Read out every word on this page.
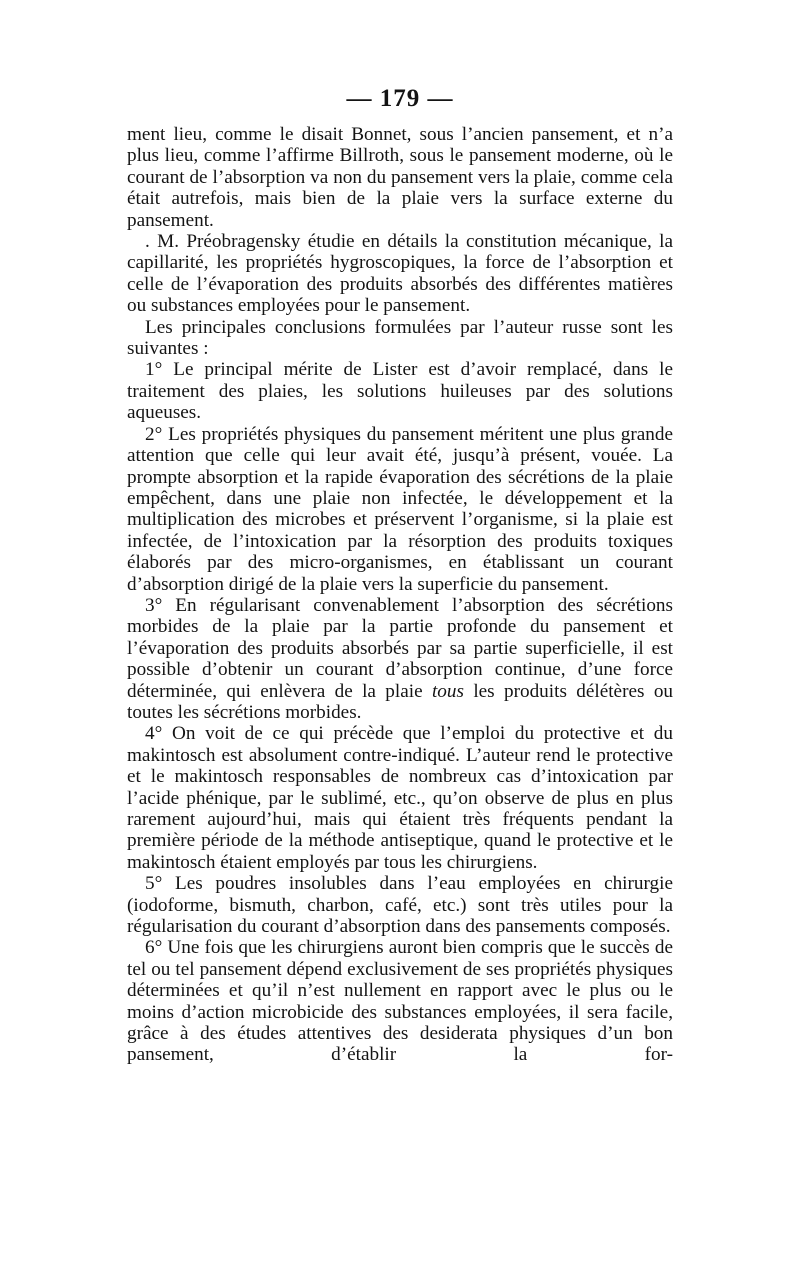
— 179 —

ment lieu, comme le disait Bonnet, sous l’ancien pansement, et n’a plus lieu, comme l’affirme Billroth, sous le pansement moderne, où le courant de l’absorption va non du pansement vers la plaie, comme cela était autrefois, mais bien de la plaie vers la surface externe du pansement.

. M. Préobragensky étudie en détails la constitution mécanique, la capillarité, les propriétés hygroscopiques, la force de l’absorption et celle de l’évaporation des produits absorbés des différentes matières ou substances employées pour le pansement.

Les principales conclusions formulées par l’auteur russe sont les suivantes :

1° Le principal mérite de Lister est d’avoir remplacé, dans le traitement des plaies, les solutions huileuses par des solutions aqueuses.

2° Les propriétés physiques du pansement méritent une plus grande attention que celle qui leur avait été, jusqu’à présent, vouée. La prompte absorption et la rapide évaporation des sécrétions de la plaie empêchent, dans une plaie non infectée, le développement et la multiplication des microbes et préservent l’organisme, si la plaie est infectée, de l’intoxication par la résorption des produits toxiques élaborés par des micro-organismes, en établissant un courant d’absorption dirigé de la plaie vers la superficie du pansement.

3° En régularisant convenablement l’absorption des sécrétions morbides de la plaie par la partie profonde du pansement et l’évaporation des produits absorbés par sa partie superficielle, il est possible d’obtenir un courant d’absorption continue, d’une force déterminée, qui enlèvera de la plaie tous les produits délétères ou toutes les sécrétions morbides.

4° On voit de ce qui précède que l’emploi du protective et du makintosch est absolument contre-indiqué. L’auteur rend le protective et le makintosch responsables de nombreux cas d’intoxication par l’acide phénique, par le sublimé, etc., qu’on observe de plus en plus rarement aujourd’hui, mais qui étaient très fréquents pendant la première période de la méthode antiseptique, quand le protective et le makintosch étaient employés par tous les chirurgiens.

5° Les poudres insolubles dans l’eau employées en chirurgie (iodoforme, bismuth, charbon, café, etc.) sont très utiles pour la régularisation du courant d’absorption dans des pansements composés.

6° Une fois que les chirurgiens auront bien compris que le succès de tel ou tel pansement dépend exclusivement de ses propriétés physiques déterminées et qu’il n’est nullement en rapport avec le plus ou le moins d’action microbicide des substances employées, il sera facile, grâce à des études attentives des desiderata physiques d’un bon pansement, d’établir la for-
